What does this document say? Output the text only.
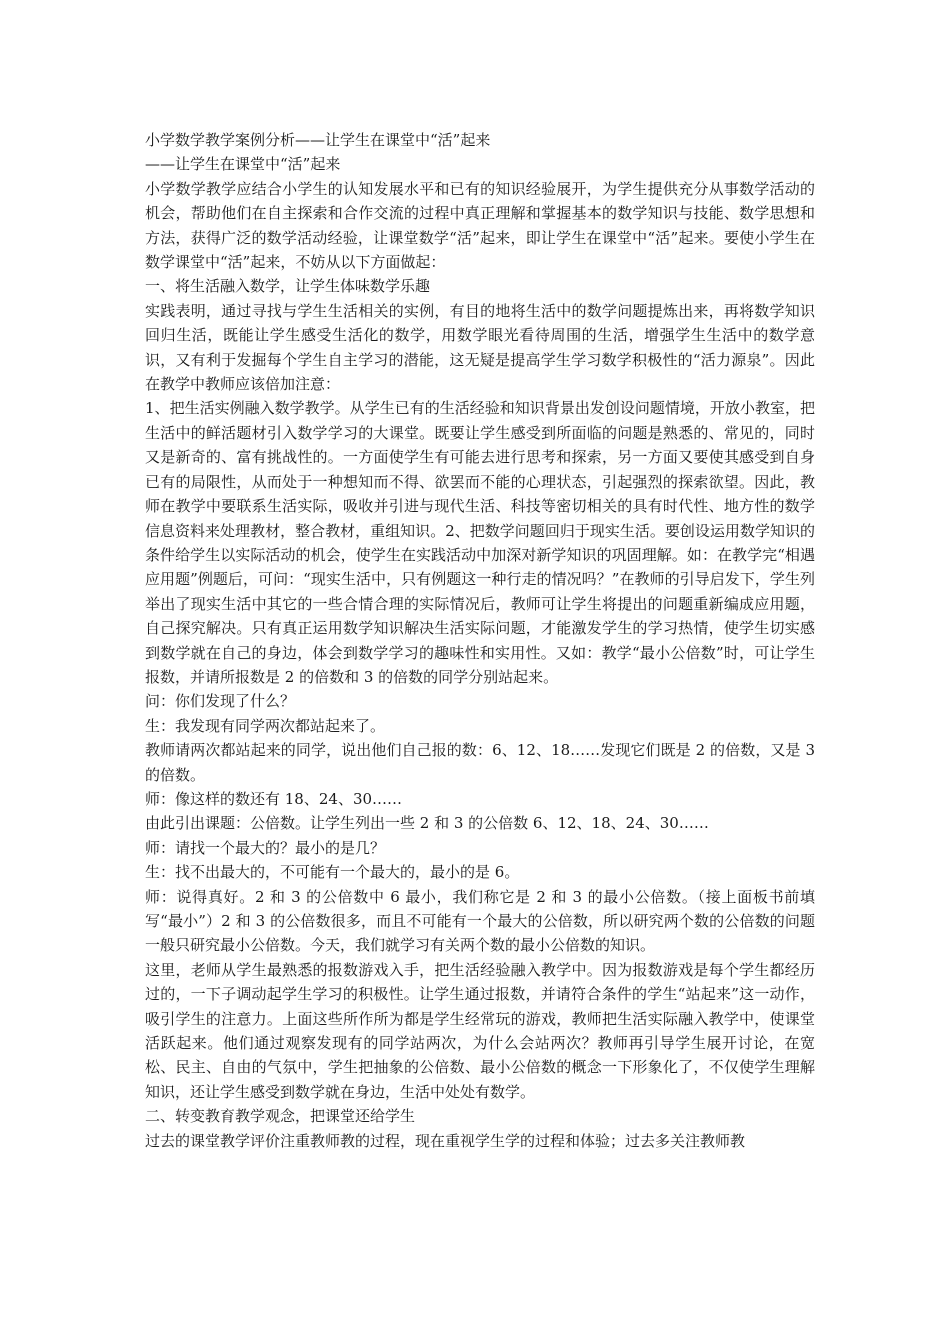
小学数学教学案例分析——让学生在课堂中“活”起来

——让学生在课堂中“活”起来

小学数学教学应结合小学生的认知发展水平和已有的知识经验展开，为学生提供充分从事数学活动的机会，帮助他们在自主探索和合作交流的过程中真正理解和掌握基本的数学知识与技能、数学思想和方法，获得广泛的数学活动经验，让课堂数学“活”起来，即让学生在课堂中“活”起来。要使小学生在数学课堂中“活”起来，不妨从以下方面做起：

一、将生活融入数学，让学生体味数学乐趣

实践表明，通过寻找与学生生活相关的实例，有目的地将生活中的数学问题提炼出来，再将数学知识回归生活，既能让学生感受生活化的数学，用数学眼光看待周围的生活，增强学生生活中的数学意识，又有利于发掘每个学生自主学习的潜能，这无疑是提高学生学习数学积极性的“活力源泉”。因此在教学中教师应该倍加注意：

1、把生活实例融入数学教学。从学生已有的生活经验和知识背景出发创设问题情境，开放小教室，把生活中的鲜活题材引入数学学习的大课堂。既要让学生感受到所面临的问题是熟悉的、常见的，同时又是新奇的、富有挑战性的。一方面使学生有可能去进行思考和探索，另一方面又要使其感受到自身已有的局限性，从而处于一种想知而不得、欲罢而不能的心理状态，引起强烈的探索欲望。因此，教师在教学中要联系生活实际，吸收并引进与现代生活、科技等密切相关的具有时代性、地方性的数学信息资料来处理教材，整合教材，重组知识。2、把数学问题回归于现实生活。要创设运用数学知识的条件给学生以实际活动的机会，使学生在实践活动中加深对新学知识的巩固理解。如：在教学完“相遇应用题”例题后，可问：“现实生活中，只有例题这一种行走的情况吗？”在教师的引导启发下，学生列举出了现实生活中其它的一些合情合理的实际情况后，教师可让学生将提出的问题重新编成应用题，自己探究解决。只有真正运用数学知识解决生活实际问题，才能激发学生的学习热情，使学生切实感到数学就在自己的身边，体会到数学学习的趣味性和实用性。又如：教学“最小公倍数”时，可让学生报数，并请所报数是 2 的倍数和 3 的倍数的同学分别站起来。

问：你们发现了什么？

生：我发现有同学两次都站起来了。

教师请两次都站起来的同学，说出他们自己报的数：6、12、18……发现它们既是 2 的倍数，又是 3 的倍数。

师：像这样的数还有 18、24、30……

由此引出课题：公倍数。让学生列出一些 2 和 3 的公倍数 6、12、18、24、30……

师：请找一个最大的？最小的是几？

生：找不出最大的，不可能有一个最大的，最小的是 6。

师：说得真好。2 和 3 的公倍数中 6 最小，我们称它是 2 和 3 的最小公倍数。（接上面板书前填写“最小”）2 和 3 的公倍数很多，而且不可能有一个最大的公倍数，所以研究两个数的公倍数的问题一般只研究最小公倍数。今天，我们就学习有关两个数的最小公倍数的知识。

这里，老师从学生最熟悉的报数游戏入手，把生活经验融入教学中。因为报数游戏是每个学生都经历过的，一下子调动起学生学习的积极性。让学生通过报数，并请符合条件的学生“站起来”这一动作，吸引学生的注意力。上面这些所作所为都是学生经常玩的游戏，教师把生活实际融入教学中，使课堂活跃起来。他们通过观察发现有的同学站两次，为什么会站两次？教师再引导学生展开讨论，在宽松、民主、自由的气氛中，学生把抽象的公倍数、最小公倍数的概念一下形象化了，不仅使学生理解知识，还让学生感受到数学就在身边，生活中处处有数学。

二、转变教育教学观念，把课堂还给学生

过去的课堂教学评价注重教师教的过程，现在重视学生学的过程和体验；过去多关注教师教
